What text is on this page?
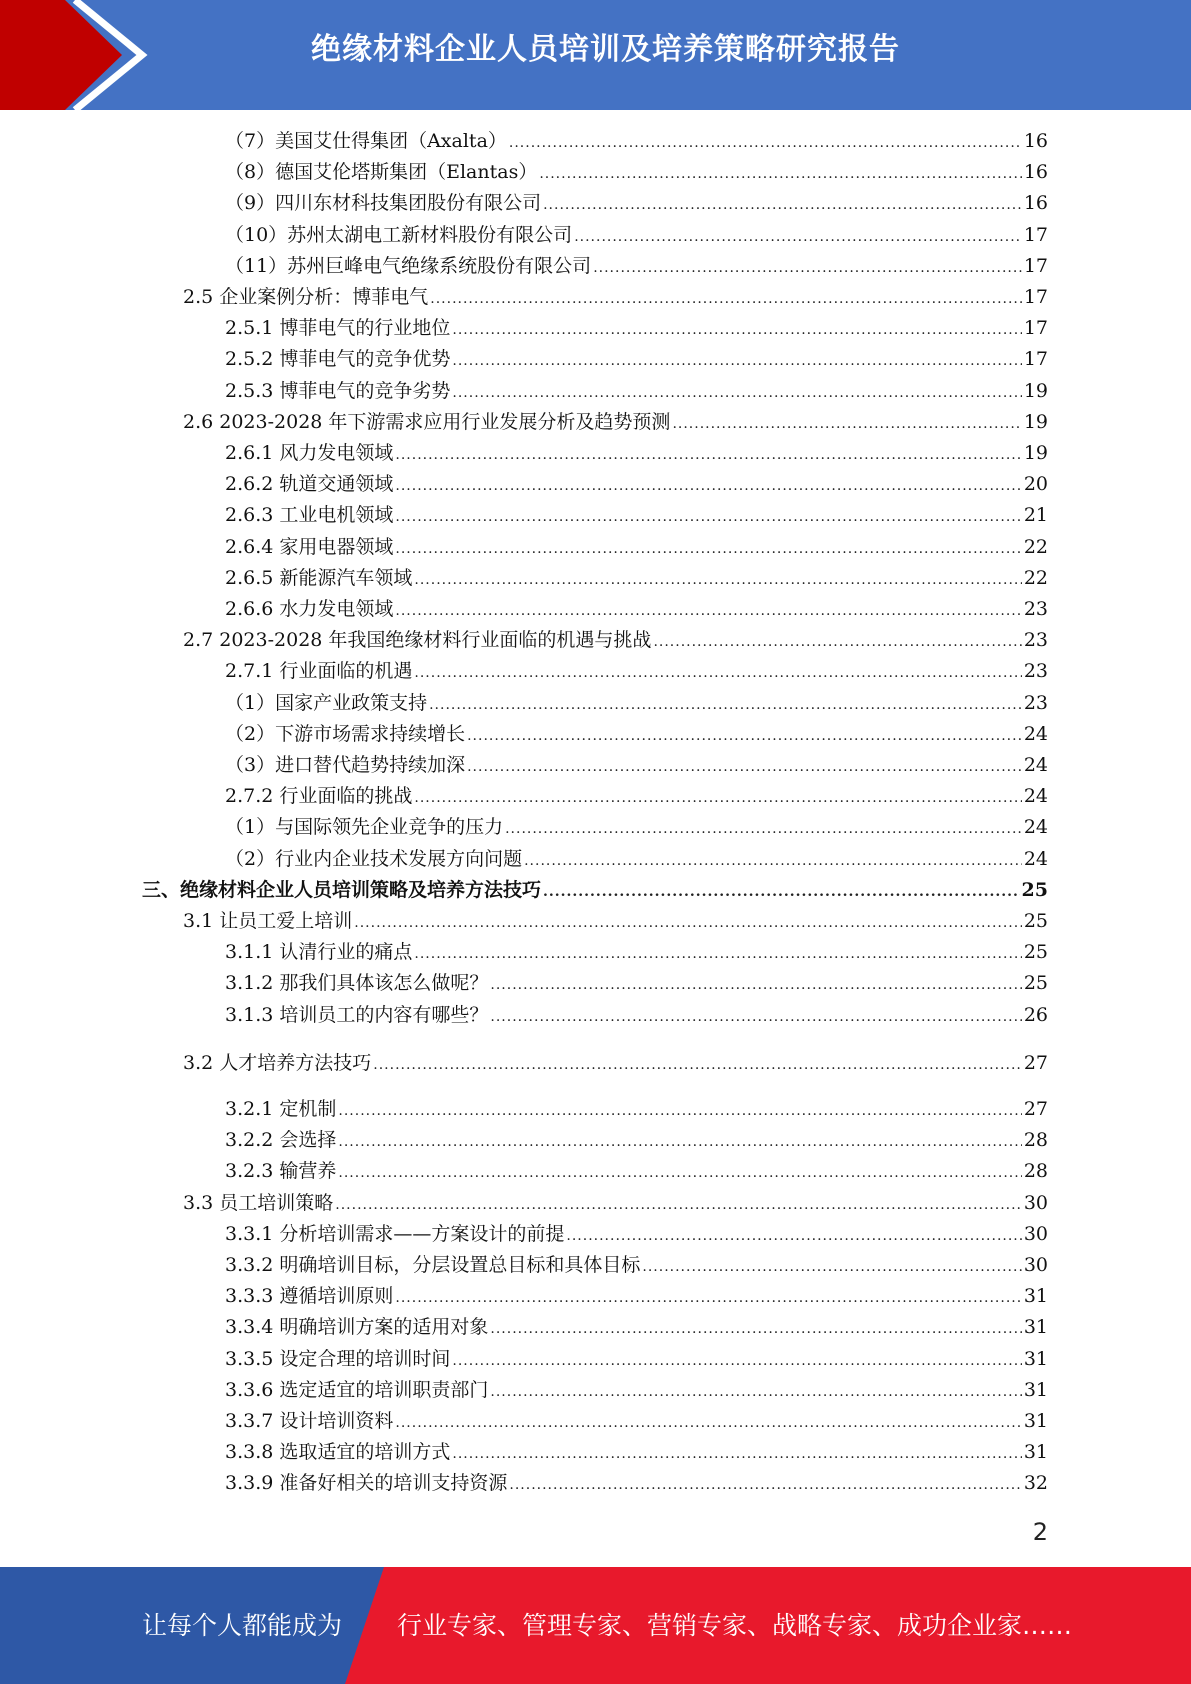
绝缘材料企业人员培训及培养策略研究报告
（7）美国艾仕得集团（Axalta） .....	16
（8）德国艾伦塔斯集团（Elantas） .....	16
（9）四川东材科技集团股份有限公司 .....	16
（10）苏州太湖电工新材料股份有限公司 .....	17
（11）苏州巨峰电气绝缘系统股份有限公司 .....	17
2.5 企业案例分析：博菲电气 .....	17
2.5.1 博菲电气的行业地位 .....	17
2.5.2 博菲电气的竞争优势 .....	17
2.5.3 博菲电气的竞争劣势 .....	19
2.6 2023-2028 年下游需求应用行业发展分析及趋势预测 .....	19
2.6.1 风力发电领域 .....	19
2.6.2 轨道交通领域 .....	20
2.6.3 工业电机领域 .....	21
2.6.4 家用电器领域 .....	22
2.6.5 新能源汽车领域 .....	22
2.6.6 水力发电领域 .....	23
2.7 2023-2028 年我国绝缘材料行业面临的机遇与挑战 .....	23
2.7.1 行业面临的机遇 .....	23
（1）国家产业政策支持 .....	23
（2）下游市场需求持续增长 .....	24
（3）进口替代趋势持续加深 .....	24
2.7.2 行业面临的挑战 .....	24
（1）与国际领先企业竞争的压力 .....	24
（2）行业内企业技术发展方向问题 .....	24
三、绝缘材料企业人员培训策略及培养方法技巧 .....	25
3.1 让员工爱上培训 .....	25
3.1.1 认清行业的痛点 .....	25
3.1.2 那我们具体该怎么做呢？ .....	25
3.1.3 培训员工的内容有哪些？ .....	26
3.2 人才培养方法技巧 .....	27
3.2.1 定机制 .....	27
3.2.2 会选择 .....	28
3.2.3 输营养 .....	28
3.3 员工培训策略 .....	30
3.3.1 分析培训需求——方案设计的前提 .....	30
3.3.2 明确培训目标，分层设置总目标和具体目标 .....	30
3.3.3 遵循培训原则 .....	31
3.3.4 明确培训方案的适用对象 .....	31
3.3.5 设定合理的培训时间 .....	31
3.3.6 选定适宜的培训职责部门 .....	31
3.3.7 设计培训资料 .....	31
3.3.8 选取适宜的培训方式 .....	31
3.3.9 准备好相关的培训支持资源 .....	32
2
让每个人都能成为 行业专家、管理专家、营销专家、战略专家、成功企业家……
